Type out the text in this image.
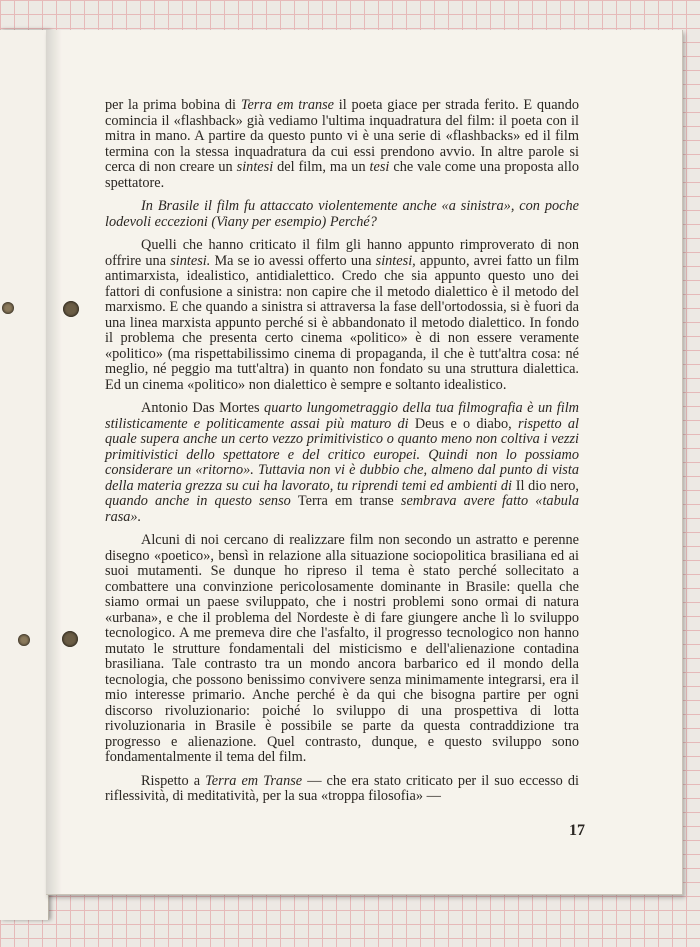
per la prima bobina di Terra em transe il poeta giace per strada ferito. E quando comincia il «flashback» già vediamo l'ultima inquadratura del film: il poeta con il mitra in mano. A partire da questo punto vi è una serie di «flashbacks» ed il film termina con la stessa inquadratura da cui essi prendono avvio. In altre parole si cerca di non creare un sintesi del film, ma un tesi che vale come una proposta allo spettatore.

In Brasile il film fu attaccato violentemente anche «a sinistra», con poche lodevoli eccezioni (Viany per esempio) Perché?

Quelli che hanno criticato il film gli hanno appunto rimproverato di non offrire una sintesi. Ma se io avessi offerto una sintesi, appunto, avrei fatto un film antimarxista, idealistico, antidialettico. Credo che sia appunto questo uno dei fattori di confusione a sinistra: non capire che il metodo dialettico è il metodo del marxismo. E che quando a sinistra si attraversa la fase dell'ortodossia, si è fuori da una linea marxista appunto perché si è abbandonato il metodo dialettico. In fondo il problema che presenta certo cinema «politico» è di non essere veramente «politico» (ma rispettabilissimo cinema di propaganda, il che è tutt'altra cosa: né meglio, né peggio ma tutt'altra) in quanto non fondato su una struttura dialettica. Ed un cinema «politico» non dialettico è sempre e soltanto idealistico.

Antonio Das Mortes quarto lungometraggio della tua filmografia è un film stilisticamente e politicamente assai più maturo di Deus e o diabo, rispetto al quale supera anche un certo vezzo primitivistico o quanto meno non coltiva i vezzi primitivistici dello spettatore e del critico europei. Quindi non lo possiamo considerare un «ritorno». Tuttavia non vi è dubbio che, almeno dal punto di vista della materia grezza su cui ha lavorato, tu riprendi temi ed ambienti di Il dio nero, quando anche in questo senso Terra em transe sembrava avere fatto «tabula rasa».

Alcuni di noi cercano di realizzare film non secondo un astratto e perenne disegno «poetico», bensì in relazione alla situazione sociopolitica brasiliana ed ai suoi mutamenti. Se dunque ho ripreso il tema è stato perché sollecitato a combattere una convinzione pericolosamente dominante in Brasile: quella che siamo ormai un paese sviluppato, che i nostri problemi sono ormai di natura «urbana», e che il problema del Nordeste è di fare giungere anche lì lo sviluppo tecnologico. A me premeva dire che l'asfalto, il progresso tecnologico non hanno mutato le strutture fondamentali del misticismo e dell'alienazione contadina brasiliana. Tale contrasto tra un mondo ancora barbarico ed il mondo della tecnologia, che possono benissimo convivere senza minimamente integrarsi, era il mio interesse primario. Anche perché è da qui che bisogna partire per ogni discorso rivoluzionario: poiché lo sviluppo di una prospettiva di lotta rivoluzionaria in Brasile è possibile se parte da questa contraddizione tra progresso e alienazione. Quel contrasto, dunque, e questo sviluppo sono fondamentalmente il tema del film.

Rispetto a Terra em Transe — che era stato criticato per il suo eccesso di riflessività, di meditatività, per la sua «troppa filosofia» —

17
